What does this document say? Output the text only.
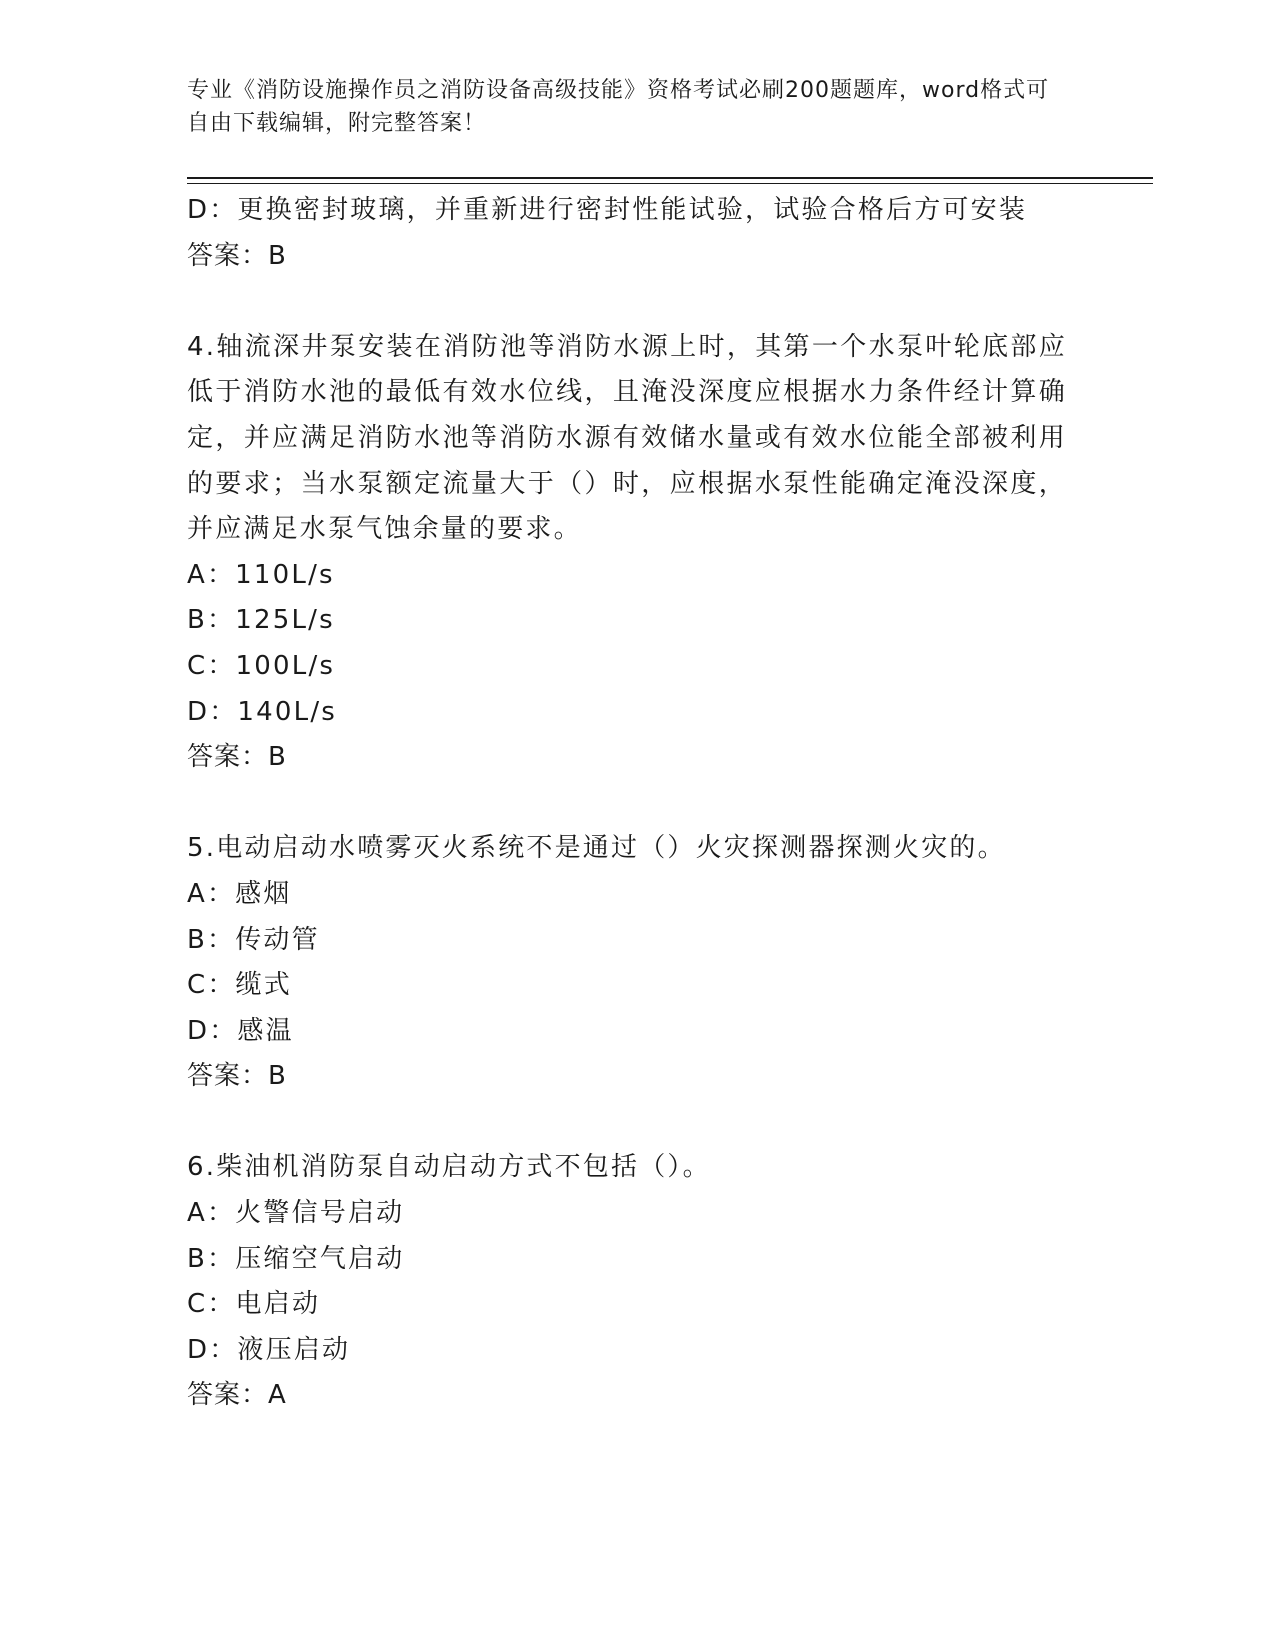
专业《消防设施操作员之消防设备高级技能》资格考试必刷200题题库，word格式可自由下载编辑，附完整答案！
D：更换密封玻璃，并重新进行密封性能试验，试验合格后方可安装
答案：B
4.轴流深井泵安装在消防池等消防水源上时，其第一个水泵叶轮底部应低于消防水池的最低有效水位线，且淹没深度应根据水力条件经计算确定，并应满足消防水池等消防水源有效储水量或有效水位能全部被利用的要求；当水泵额定流量大于（）时，应根据水泵性能确定淹没深度，并应满足水泵气蚀余量的要求。
A：110L/s
B：125L/s
C：100L/s
D：140L/s
答案：B
5.电动启动水喷雾灭火系统不是通过（）火灾探测器探测火灾的。
A：感烟
B：传动管
C：缆式
D：感温
答案：B
6.柴油机消防泵自动启动方式不包括（）。
A：火警信号启动
B：压缩空气启动
C：电启动
D：液压启动
答案：A
